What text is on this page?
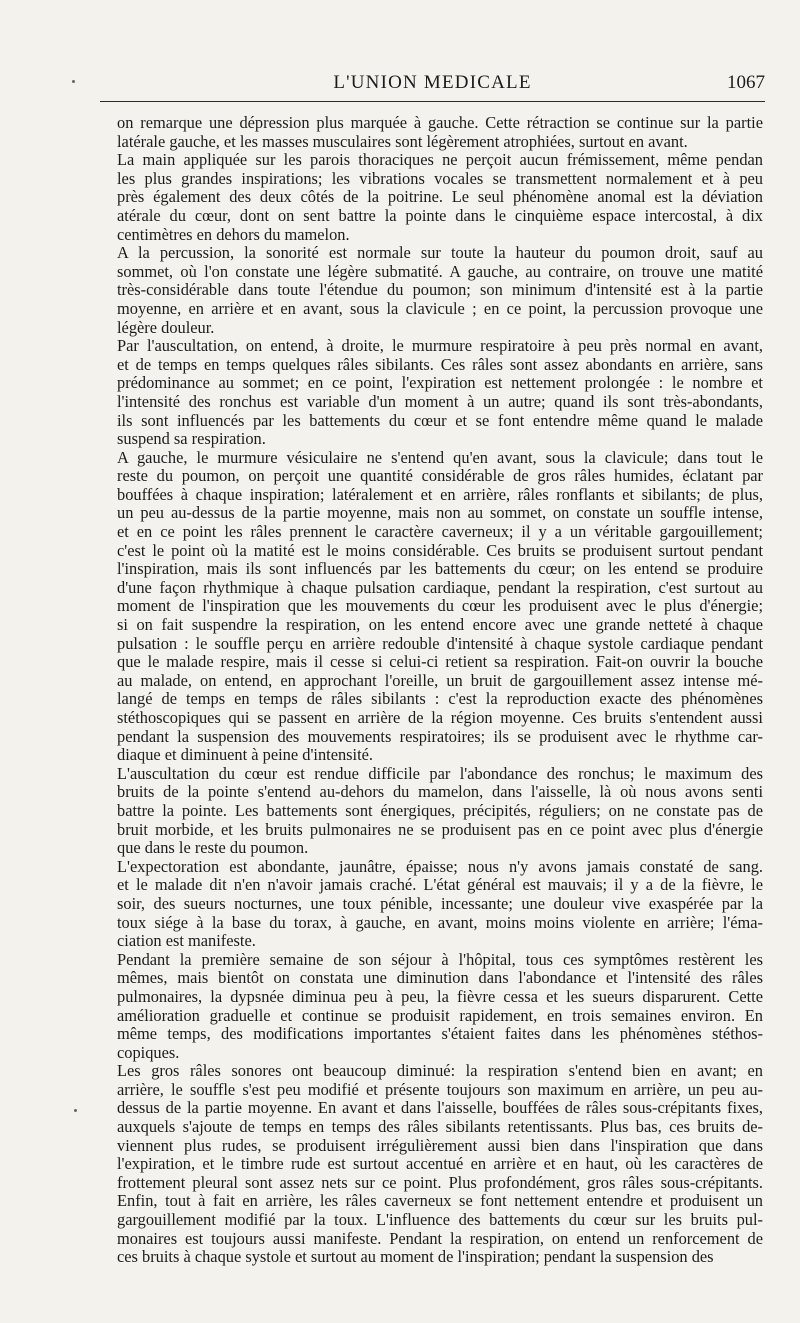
L'UNION MEDICALE	1067
on remarque une dépression plus marquée à gauche. Cette rétraction se continue sur la partie
latérale gauche, et les masses musculaires sont légèrement atrophiées, surtout en avant.
La main appliquée sur les parois thoraciques ne perçoit aucun frémissement, même pendan
les plus grandes inspirations; les vibrations vocales se transmettent normalement et à peu
près également des deux côtés de la poitrine. Le seul phénomène anomal est la déviation
atérale du cœur, dont on sent battre la pointe dans le cinquième espace intercostal, à dix
centimètres en dehors du mamelon.
A la percussion, la sonorité est normale sur toute la hauteur du poumon droit, sauf au
sommet, où l'on constate une légère submatité. A gauche, au contraire, on trouve une matité
très-considérable dans toute l'étendue du poumon; son minimum d'intensité est à la partie
moyenne, en arrière et en avant, sous la clavicule ; en ce point, la percussion provoque une
légère douleur.
Par l'auscultation, on entend, à droite, le murmure respiratoire à peu près normal en avant,
et de temps en temps quelques râles sibilants. Ces râles sont assez abondants en arrière, sans
prédominance au sommet; en ce point, l'expiration est nettement prolongée : le nombre et
l'intensité des ronchus est variable d'un moment à un autre; quand ils sont très-abondants,
ils sont influencés par les battements du cœur et se font entendre même quand le malade
suspend sa respiration.
A gauche, le murmure vésiculaire ne s'entend qu'en avant, sous la clavicule; dans tout le
reste du poumon, on perçoit une quantité considérable de gros râles humides, éclatant par
bouffées à chaque inspiration; latéralement et en arrière, râles ronflants et sibilants; de plus,
un peu au-dessus de la partie moyenne, mais non au sommet, on constate un souffle intense,
et en ce point les râles prennent le caractère caverneux; il y a un véritable gargouillement;
c'est le point où la matité est le moins considérable. Ces bruits se produisent surtout pendant
l'inspiration, mais ils sont influencés par les battements du cœur; on les entend se produire
d'une façon rhythmique à chaque pulsation cardiaque, pendant la respiration, c'est surtout au
moment de l'inspiration que les mouvements du cœur les produisent avec le plus d'énergie;
si on fait suspendre la respiration, on les entend encore avec une grande netteté à chaque
pulsation : le souffle perçu en arrière redouble d'intensité à chaque systole cardiaque pendant
que le malade respire, mais il cesse si celui-ci retient sa respiration. Fait-on ouvrir la bouche
au malade, on entend, en approchant l'oreille, un bruit de gargouillement assez intense mé-
langé de temps en temps de râles sibilants : c'est la reproduction exacte des phénomènes
stéthoscopiques qui se passent en arrière de la région moyenne. Ces bruits s'entendent aussi
pendant la suspension des mouvements respiratoires; ils se produisent avec le rhythme car-
diaque et diminuent à peine d'intensité.
L'auscultation du cœur est rendue difficile par l'abondance des ronchus; le maximum des
bruits de la pointe s'entend au-dehors du mamelon, dans l'aisselle, là où nous avons senti
battre la pointe. Les battements sont énergiques, précipités, réguliers; on ne constate pas de
bruit morbide, et les bruits pulmonaires ne se produisent pas en ce point avec plus d'énergie
que dans le reste du poumon.
L'expectoration est abondante, jaunâtre, épaisse; nous n'y avons jamais constaté de sang.
et le malade dit n'en n'avoir jamais craché. L'état général est mauvais; il y a de la fièvre, le
soir, des sueurs nocturnes, une toux pénible, incessante; une douleur vive exaspérée par la
toux siége à la base du torax, à gauche, en avant, moins moins violente en arrière; l'éma-
ciation est manifeste.
Pendant la première semaine de son séjour à l'hôpital, tous ces symptômes restèrent les
mêmes, mais bientôt on constata une diminution dans l'abondance et l'intensité des râles
pulmonaires, la dypsnée diminua peu à peu, la fièvre cessa et les sueurs disparurent. Cette
amélioration graduelle et continue se produisit rapidement, en trois semaines environ. En
même temps, des modifications importantes s'étaient faites dans les phénomènes stéthos-
copiques.
Les gros râles sonores ont beaucoup diminué: la respiration s'entend bien en avant; en
arrière, le souffle s'est peu modifié et présente toujours son maximum en arrière, un peu au-
dessus de la partie moyenne. En avant et dans l'aisselle, bouffées de râles sous-crépitants fixes,
auxquels s'ajoute de temps en temps des râles sibilants retentissants. Plus bas, ces bruits de-
viennent plus rudes, se produisent irrégulièrement aussi bien dans l'inspiration que dans
l'expiration, et le timbre rude est surtout accentué en arrière et en haut, où les caractères de
frottement pleural sont assez nets sur ce point. Plus profondément, gros râles sous-crépitants.
Enfin, tout à fait en arrière, les râles caverneux se font nettement entendre et produisent un
gargouillement modifié par la toux. L'influence des battements du cœur sur les bruits pul-
monaires est toujours aussi manifeste. Pendant la respiration, on entend un renforcement de
ces bruits à chaque systole et surtout au moment de l'inspiration; pendant la suspension des
